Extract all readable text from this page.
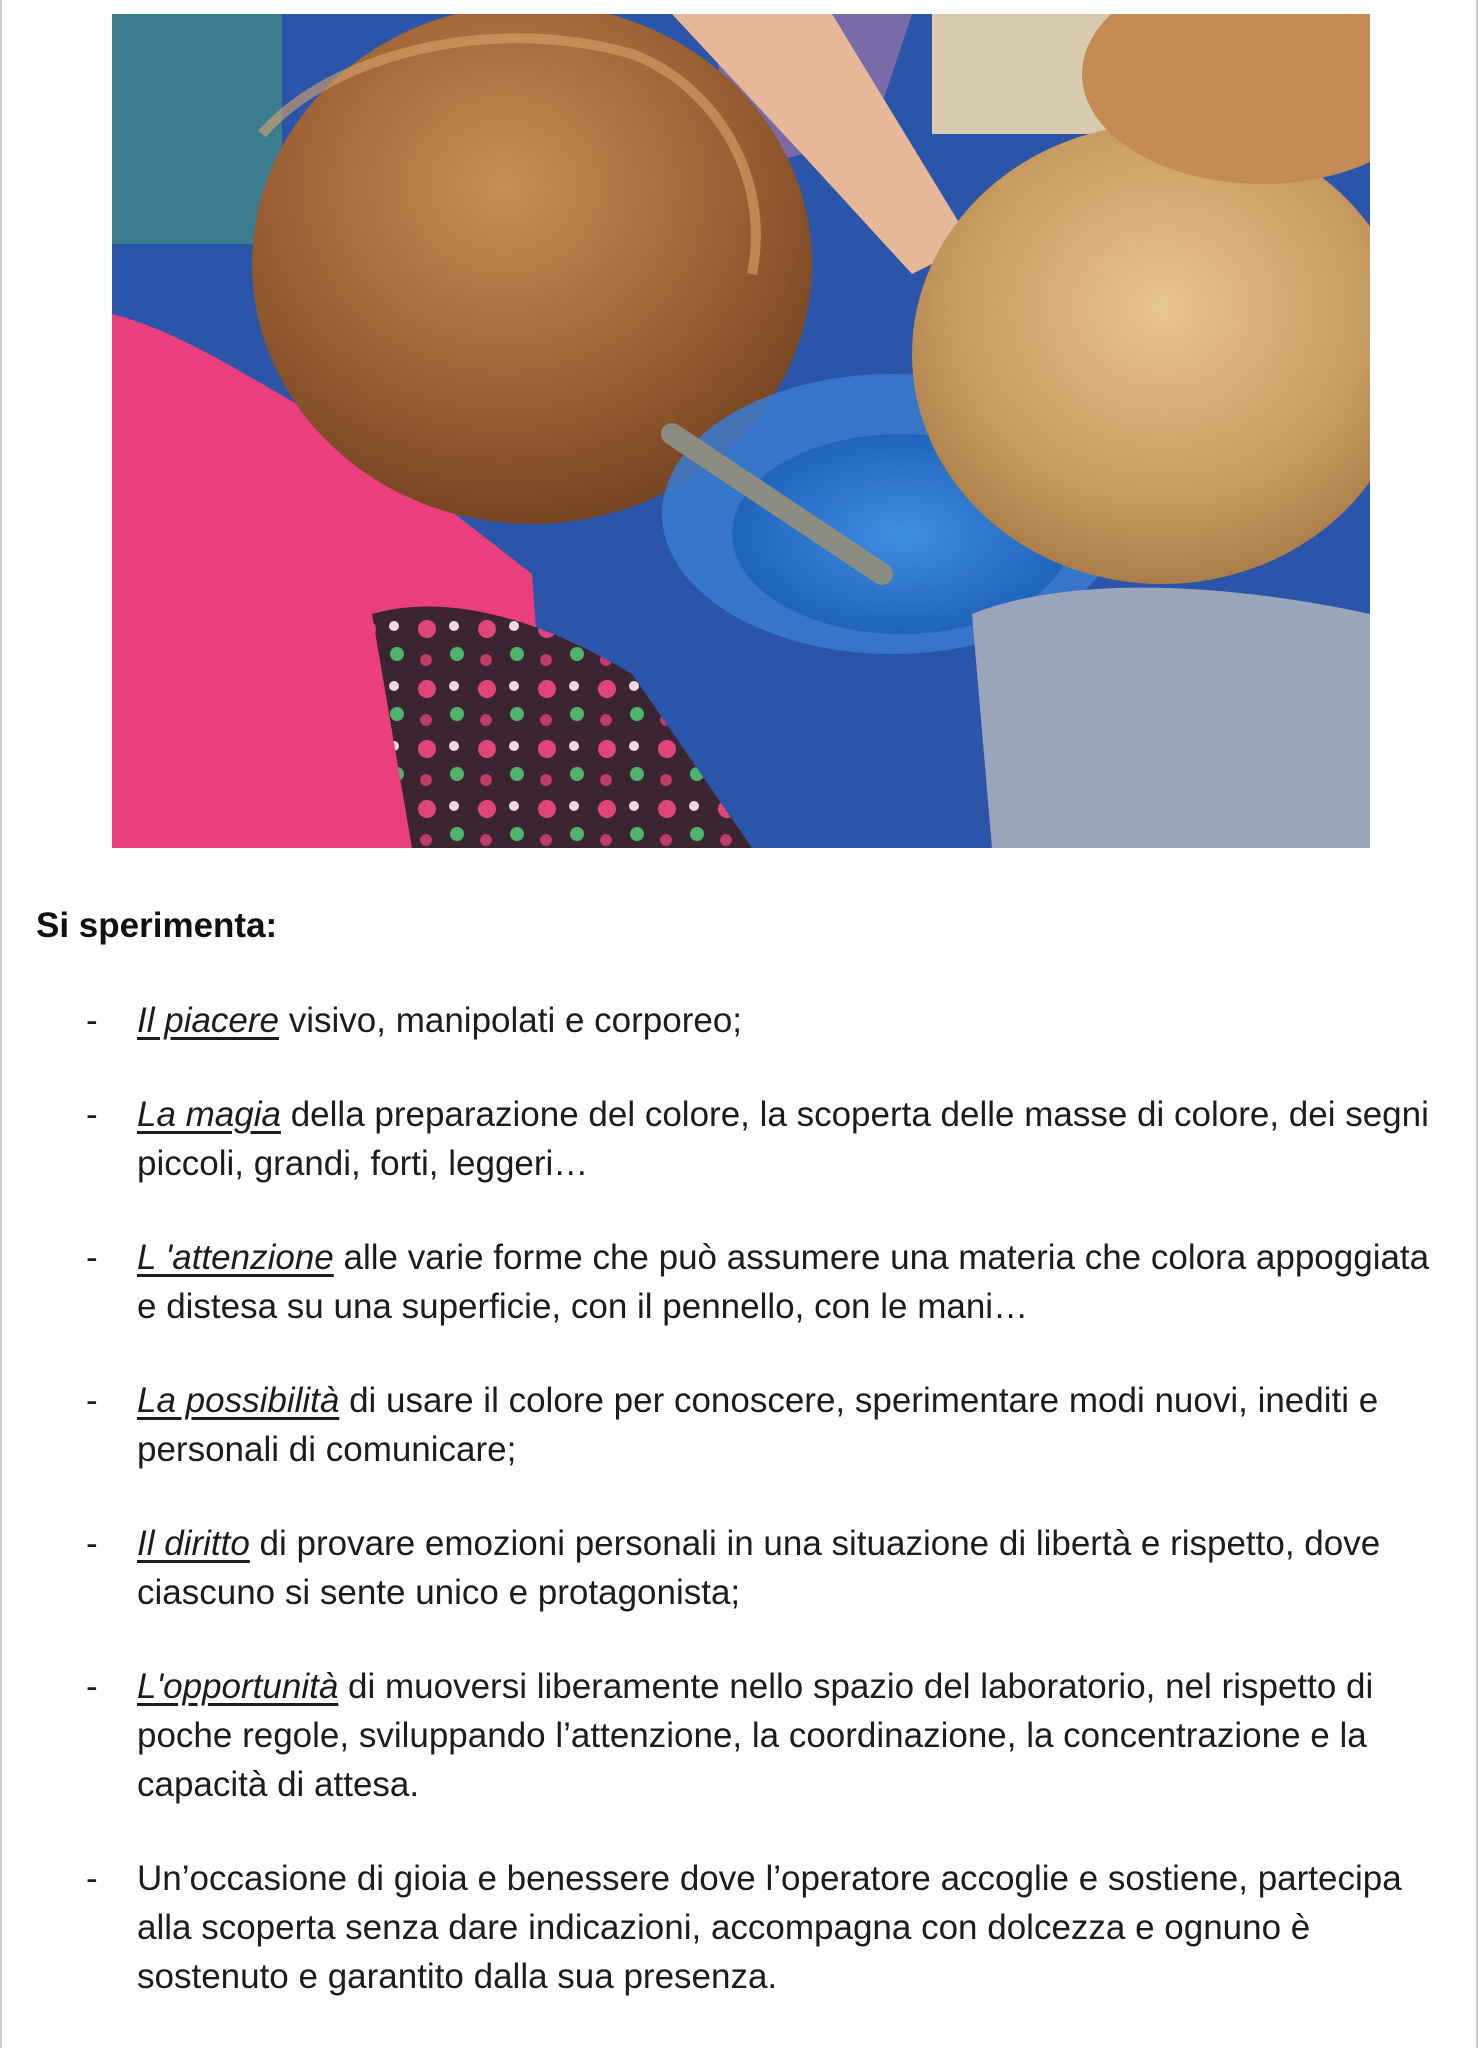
Si sperimenta:
- Il piacere visivo, manipolati e corporeo;
- La magia della preparazione del colore, la scoperta delle masse di colore, dei segni piccoli, grandi, forti, leggeri…
- L 'attenzione alle varie forme che può assumere una materia che colora appoggiata e distesa su una superficie, con il pennello, con le mani…
- La possibilità di usare il colore per conoscere, sperimentare modi nuovi, inediti e personali di comunicare;
- Il diritto di provare emozioni personali in una situazione di libertà e rispetto, dove ciascuno si sente unico e protagonista;
- L'opportunità di muoversi liberamente nello spazio del laboratorio, nel rispetto di poche regole, sviluppando l’attenzione, la coordinazione, la concentrazione e la capacità di attesa.
- Un’occasione di gioia e benessere dove l’operatore accoglie e sostiene, partecipa alla scoperta senza dare indicazioni, accompagna con dolcezza e ognuno è sostenuto e garantito dalla sua presenza.
